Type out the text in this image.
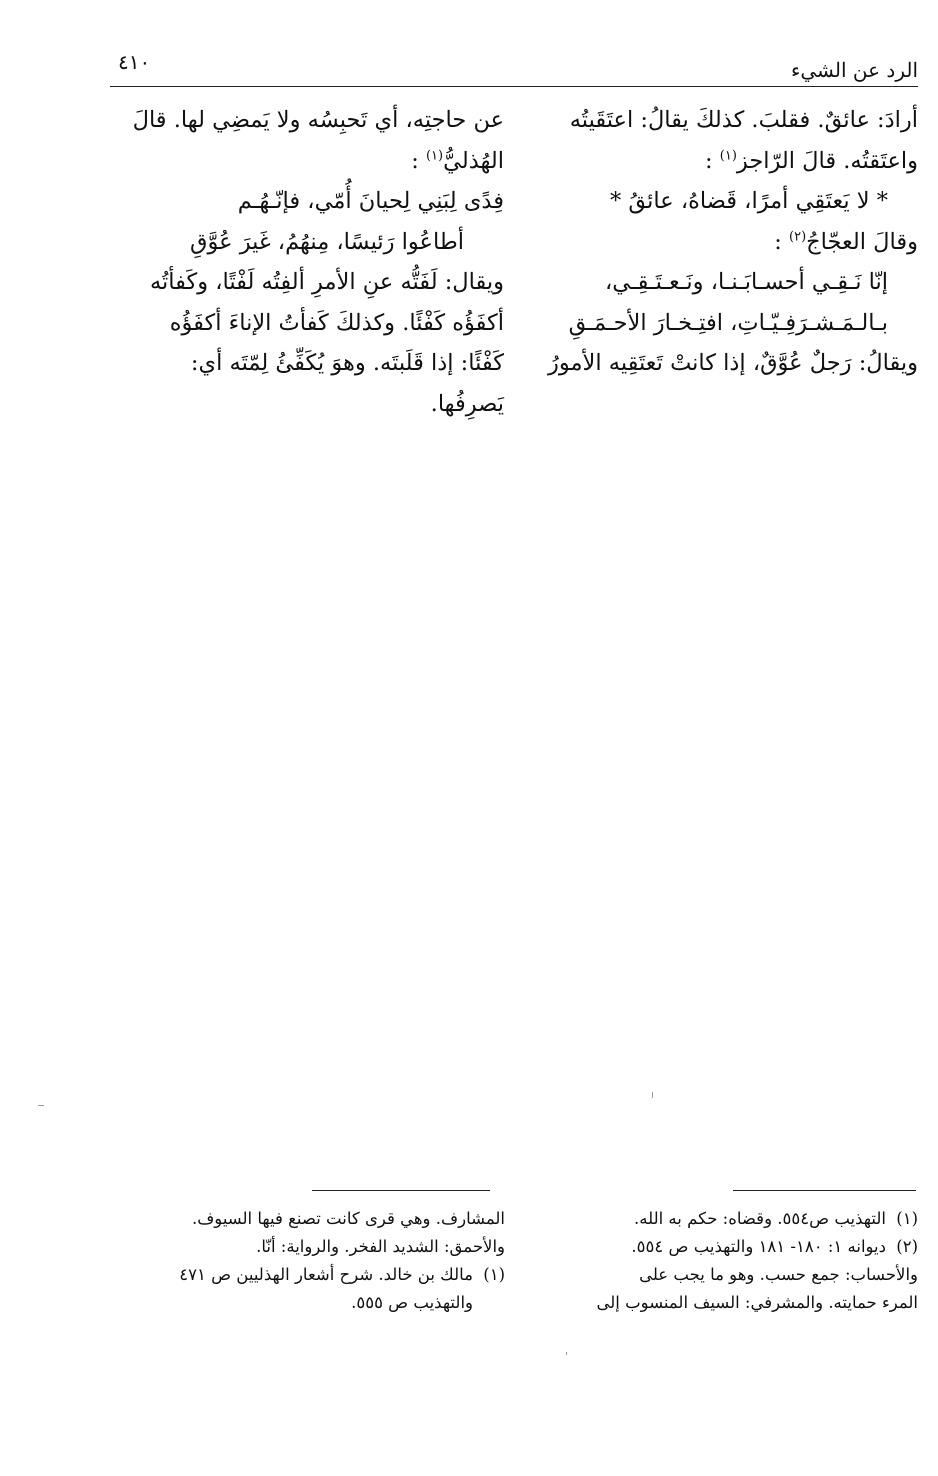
الرد عن الشيء
٤١٠
أرادَ: عائقٌ. فقلبَ. كذلكَ يقالُ: اعتَقَيتُه
واعتَقتُه. قالَ الرّاجز$^{(١)}$ :
* لا يَعتَقِي أمرًا، قَضاهُ، عائقُ *
وقالَ العجّاجُ$^{(٢)}$ :
إنّا نَـقِـي أحسـابَـنـا، ونَـعـتَـقِـي،
بـالـمَـشـرَفِـيّـاتِ، افتِـخـارَ الأحـمَـقِ
ويقالُ: رَجلٌ عُوَّقٌ، إذا كانتْ تَعتَقِيه الأمورُ
عن حاجتِه، أي تَحبِسُه ولا يَمضِي لها. قالَ
الهُذليُّ$^{(١)}$ :
فِدًى لِبَنِي لِحيانَ أُمّي، فإنّـهُـم
أطاعُوا رَئيسًا، مِنهُمُ، غَيرَ عُوَّقِ
ويقال: لَفَتُّه عنِ الأمرِ ألفِتُه لَفْتًا، وكَفأتُه
أكفَؤُه كَفْئًا. وكذلكَ كَفأتُ الإناءَ أكفَؤُه
كَفْئًا: إذا قَلَبتَه. وهوَ يُكَفِّئُ لِمّتَه أي:
يَصرِفُها.
(١)التهذيب ص٥٥٤. وقضاه: حكم به الله.
(٢)ديوانه ١: ١٨٠- ١٨١ والتهذيب ص ٥٥٤.
والأحساب: جمع حسب. وهو ما يجب على
المرء حمايته. والمشرفي: السيف المنسوب إلى
المشارف. وهي قرى كانت تصنع فيها السيوف.
والأحمق: الشديد الفخر. والرواية: أنّا.
(١)مالك بن خالد. شرح أشعار الهذليين ص ٤٧١
والتهذيب ص ٥٥٥.
